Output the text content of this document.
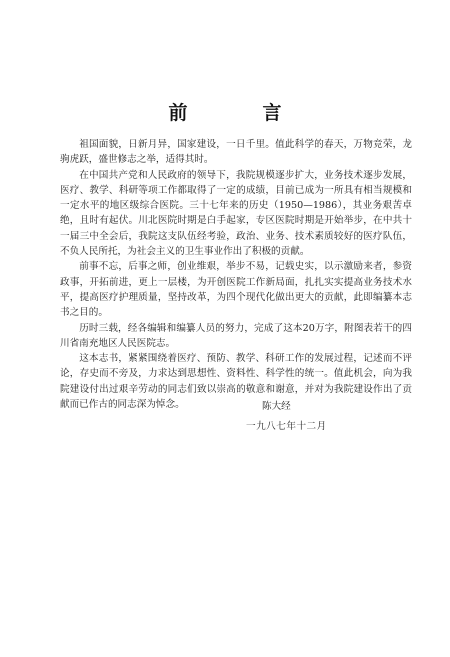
前　言

祖国面貌，日新月异，国家建设，一日千里。值此科学的春天，万物竞荣，龙驹虎跃，盛世修志之举，适得其时。

在中国共产党和人民政府的领导下，我院规模逐步扩大，业务技术逐步发展，医疗、教学、科研等项工作都取得了一定的成绩，目前已成为一所具有相当规模和一定水平的地区级综合医院。三十七年来的历史（1950—1986），其业务艰苦卓绝，且时有起伏。川北医院时期是白手起家，专区医院时期是开始举步，在中共十一届三中全会后，我院这支队伍经考验，政治、业务、技术素质较好的医疗队伍，不负人民所托，为社会主义的卫生事业作出了积极的贡献。

前事不忘，后事之师，创业维艰，举步不易，记载史实，以示激励来者，参资政事，开拓前进，更上一层楼，为开创医院工作新局面，扎扎实实提高业务技术水平，提高医疗护理质量，坚持改革，为四个现代化做出更大的贡献，此即编纂本志书之目的。

历时三载，经各编辑和编纂人员的努力，完成了这本20万字，附图表若干的四川省南充地区人民医院志。

这本志书，紧紧围绕着医疗、预防、教学、科研工作的发展过程，记述而不评论，存史而不旁及，力求达到思想性、资料性、科学性的统一。值此机会，向为我院建设付出过艰辛劳动的同志们致以崇高的敬意和谢意，并对为我院建设作出了贡献而已作古的同志深为悼念。	陈大经
一九八七年十二月
